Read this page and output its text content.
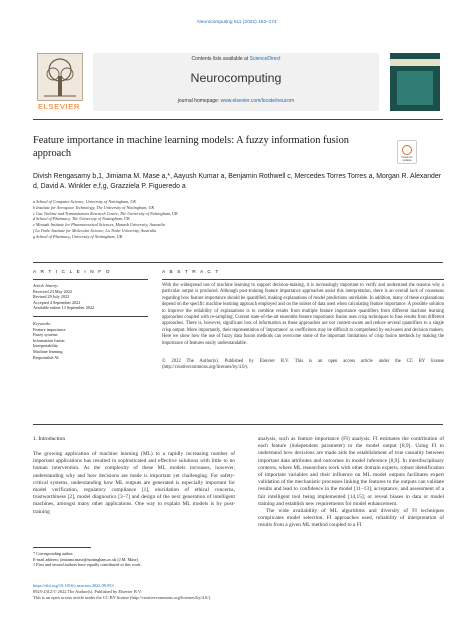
Neurocomputing 511 (2022) 163–174
ELSEVIER
Contents lists available at ScienceDirect
Neurocomputing
journal homepage: www.elsevier.com/locate/neucom
Feature importance in machine learning models: A fuzzy information fusion approach	Check for updates
Divish Rengasamy b,1, Jimiama M. Mase a,*, Aayush Kumar a, Benjamin Rothwell c, Mercedes Torres Torres a, Morgan R. Alexander d, David A. Winkler e,f,g, Grazziela P. Figueredo a
a School of Computer Science, University of Nottingham, UK
b Institute for Aerospace Technology, The University of Nottingham, UK
c Gas Turbine and Transmissions Research Centre, The University of Nottingham, UK
d School of Pharmacy, The University of Nottingham, UK
e Monash Institute for Pharmaceutical Sciences, Monash University, Australia
f La Trobe Institute for Molecular Science, La Trobe University, Australia
g School of Pharmacy, University of Nottingham, UK
A R T I C L E I N F O
Article history:
Received 23 May 2022
Revised 29 July 2022
Accepted 4 September 2022
Available online 13 September 2022
Keywords:
Feature importance
Fuzzy systems
Information fusion
Interpretability
Machine learning
Responsible AI
A B S T R A C T
With the widespread use of machine learning to support decision-making, it is increasingly important to verify and understand the reasons why a particular output is produced. Although post-training feature importance approaches assist this interpretation, there is an overall lack of consensus regarding how feature importance should be quantified, making explanations of model predictions unreliable. In addition, many of these explanations depend on the specific machine learning approach employed and on the subset of data used when calculating feature importance. A possible solution to improve the reliability of explanations is to combine results from multiple feature importance quantifiers from different machine learning approaches coupled with re-sampling. Current state-of-the-art ensemble feature importance fusion uses crisp techniques to fuse results from different approaches. There is, however, significant loss of information as these approaches are not context-aware and reduce several quantifiers to a single crisp output. More importantly, their representation of 'importance' as coefficients may be difficult to comprehend by end-users and decision makers. Here we show how the use of fuzzy data fusion methods can overcome some of the important limitations of crisp fusion methods by making the importance of features easily understandable.
© 2022 The Author(s). Published by Elsevier B.V. This is an open access article under the CC BY license (http://creativecommons.org/licenses/by/4.0/).
1. Introduction
The growing application of machine learning (ML) to a rapidly increasing number of important applications has resulted in sophisticated and effective solutions with little to no human intervention. As the complexity of these ML models increases, however, understanding why and how decisions are made is important yet challenging. For safety-critical systems, understanding how ML outputs are generated is especially important for model verification, regulatory compliance [1], elucidation of ethical concerns, trustworthiness [2], model diagnostics [3–7] and design of the next generation of intelligent machines, amongst many other applications. One way to explain ML models is by post-training
analysis, such as feature importance (FI) analysis. FI estimates the contribution of each feature (independent parameter) to the model output [8,9]. Using FI to understand how decisions are made aids the establishment of true causality between important data attributes and outcomes in model inference [8,9]. In interdisciplinary contexts, where ML researchers work with other domain experts, robust identification of important variables and their influence on ML model outputs facilitates expert validation of the mechanistic processes linking the features to the outputs can validate results and lead to confidence in the model [11–13], acceptance, and assessment of a fair intelligent tool being implemented [14,15]; or reveal biases in data or model training and establish new requirements for model enhancement.
The wide availability of ML algorithms and diversity of FI techniques complicates model selection. FI approaches used, reliability of interpretation of results from a given ML method coupled to a FI
* Corresponding author.
E-mail address: jimiama.mase@nottingham.ac.uk (J.M. Mase).
1 First and second authors have equally contributed to this work.
https://doi.org/10.1016/j.neucom.2022.09.053
0925-2312/© 2022 The Author(s). Published by Elsevier B.V.
This is an open access article under the CC BY license (http://creativecommons.org/licenses/by/4.0/).
